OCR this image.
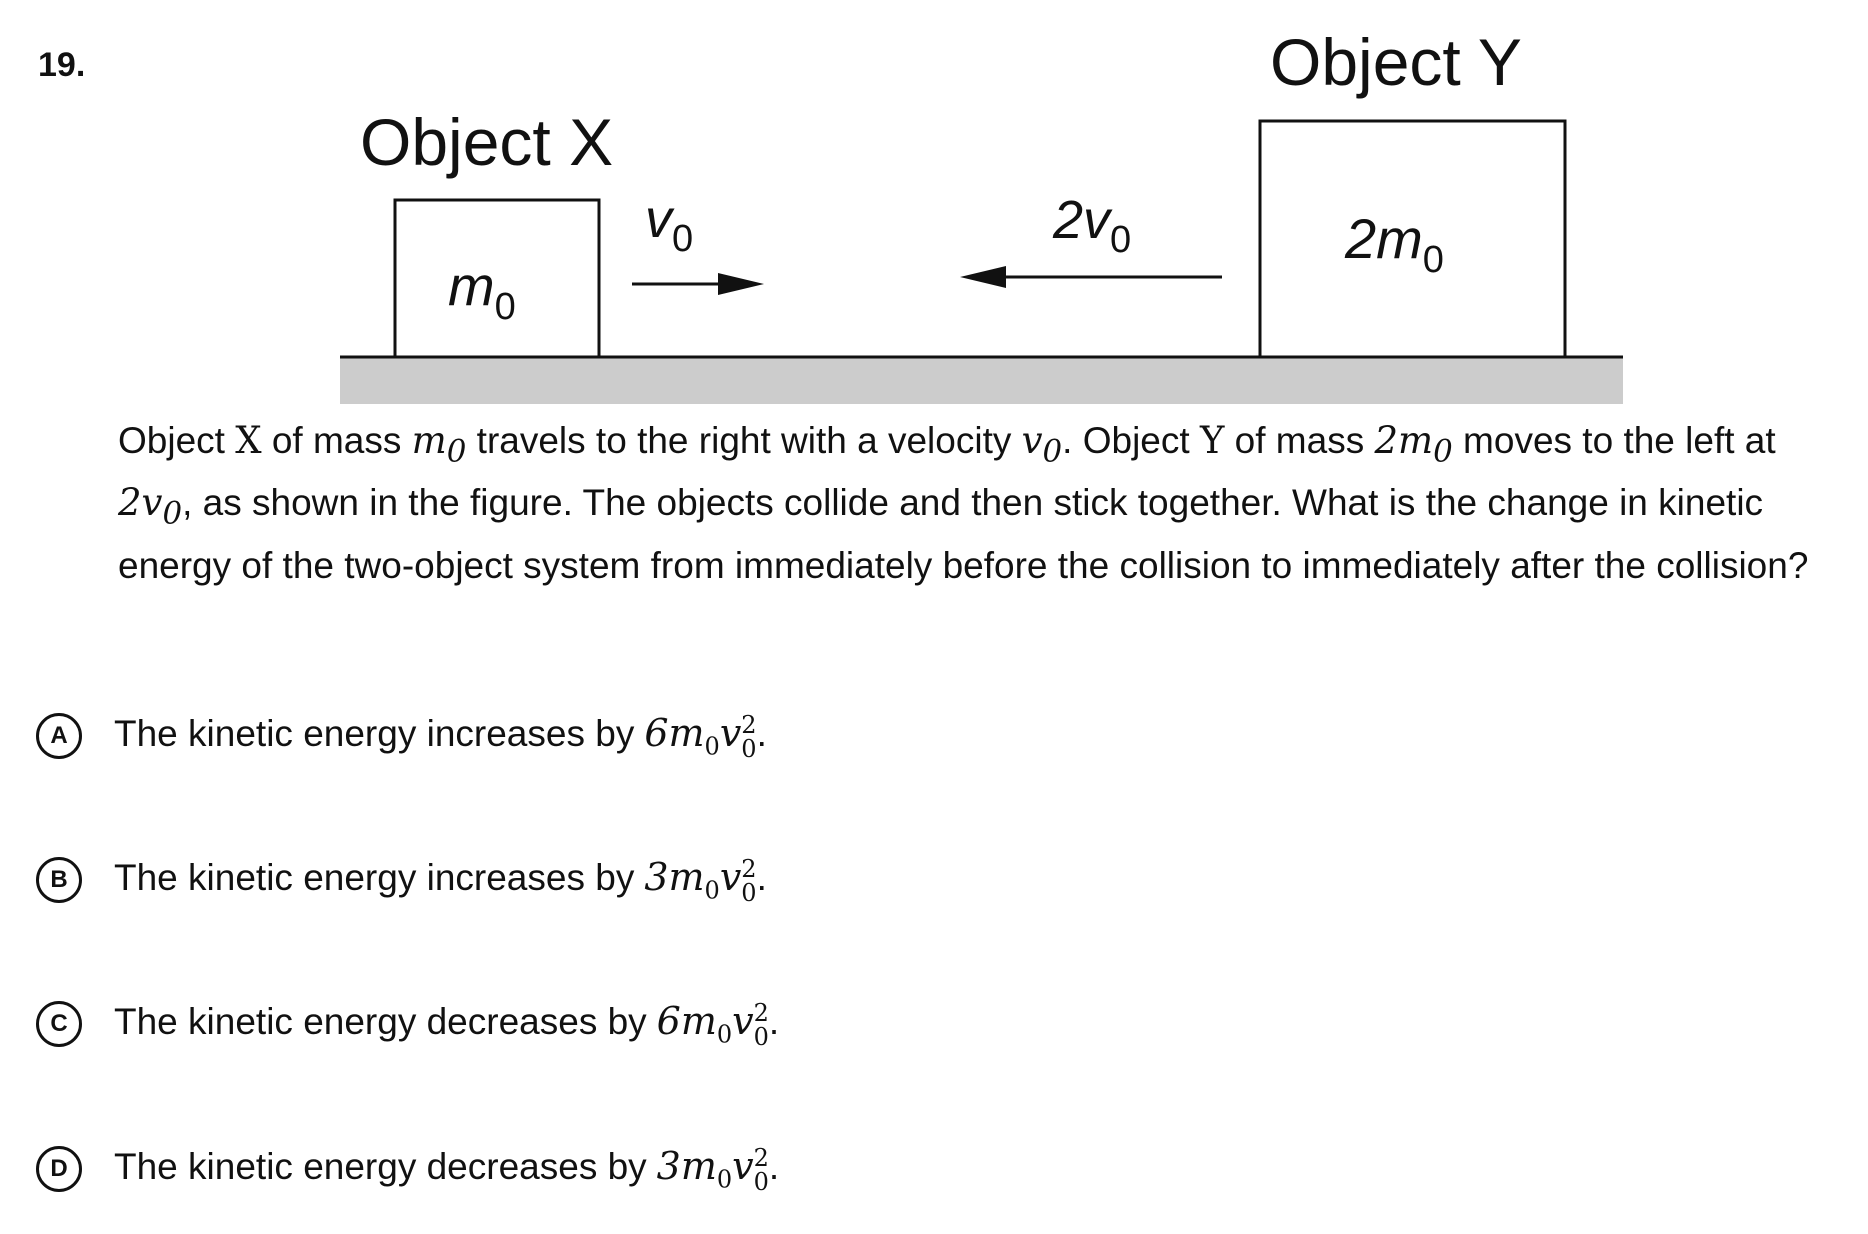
19.
Object X
$m_0$
$v_0$	$2v_0$
Object Y
$2m_0$
Object X of mass $m_0$ travels to the right with a velocity $v_0$. Object Y of mass $2m_0$ moves to the left at $2v_0$, as shown in the figure. The objects collide and then stick together. What is the change in kinetic energy of the two-object system from immediately before the collision to immediately after the collision?
A	The kinetic energy increases by $6m_0v$ 2
0 .
B	The kinetic energy increases by $3m_0v$ 2
0 .
C	The kinetic energy decreases by $6m_0v$ 2
0 .
D	The kinetic energy decreases by $3m_0v$ 2
0 .
